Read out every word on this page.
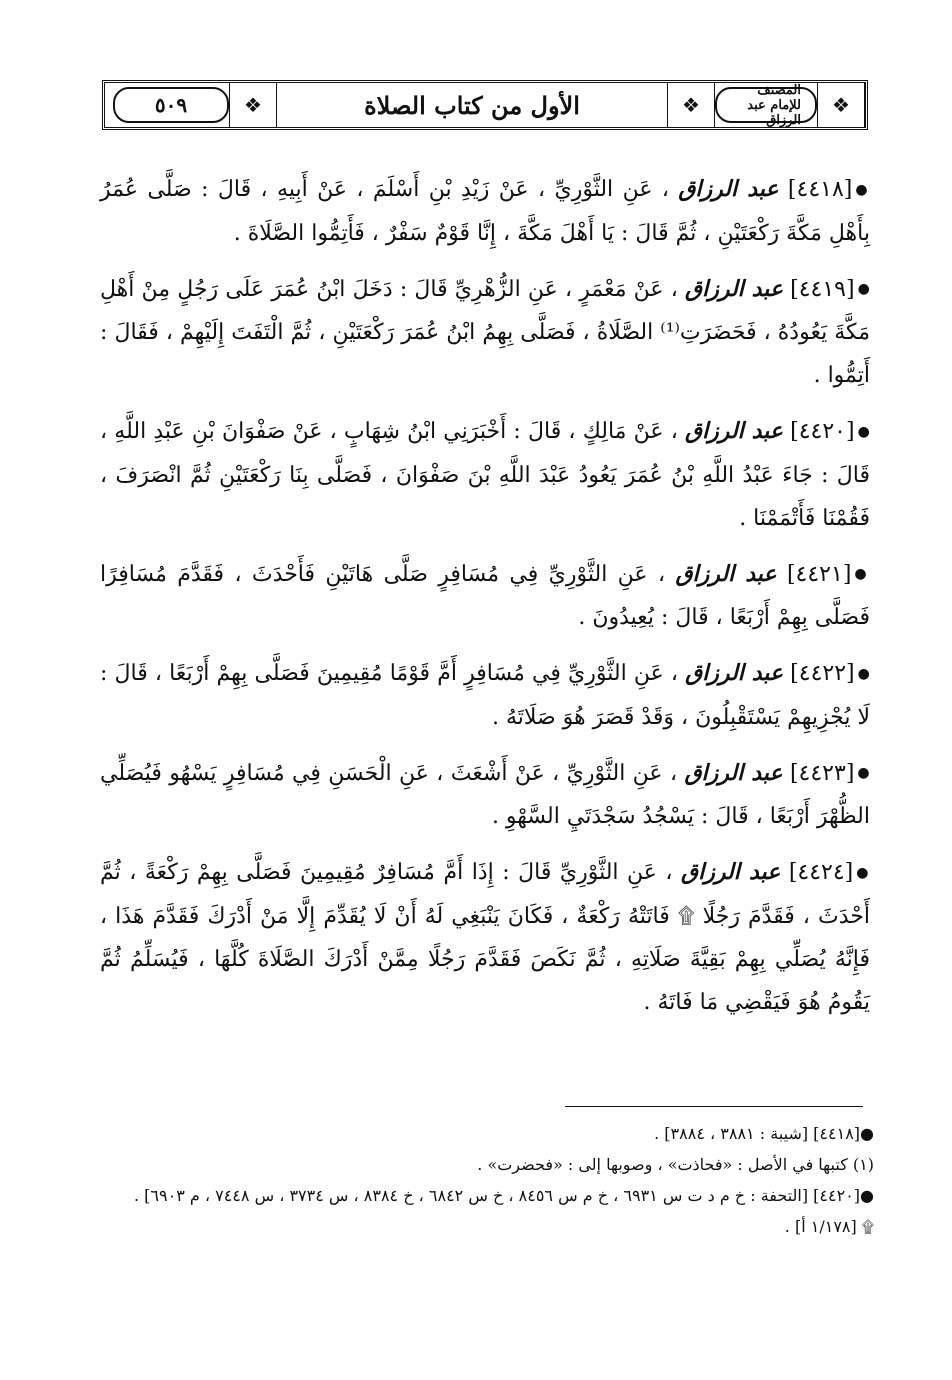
❖
المصنف للإمام عبد الرزاق
❖
الأول من كتاب الصلاة
❖
٥٠٩

●[٤٤١٨] عبد الرزاق ، عَنِ الثَّوْرِيِّ ، عَنْ زَيْدِ بْنِ أَسْلَمَ ، عَنْ أَبِيهِ ، قَالَ : صَلَّى عُمَرُ بِأَهْلِ مَكَّةَ رَكْعَتَيْنِ ، ثُمَّ قَالَ : يَا أَهْلَ مَكَّةَ ، إِنَّا قَوْمٌ سَفْرٌ ، فَأَتِمُّوا الصَّلَاةَ .

●[٤٤١٩] عبد الرزاق ، عَنْ مَعْمَرٍ ، عَنِ الزُّهْرِيِّ قَالَ : دَخَلَ ابْنُ عُمَرَ عَلَى رَجُلٍ مِنْ أَهْلِ مَكَّةَ يَعُودُهُ ، فَحَضَرَتِ⁽¹⁾ الصَّلَاةُ ، فَصَلَّى بِهِمُ ابْنُ عُمَرَ رَكْعَتَيْنِ ، ثُمَّ الْتَفَتَ إِلَيْهِمْ ، فَقَالَ : أَتِمُّوا .

●[٤٤٢٠] عبد الرزاق ، عَنْ مَالِكٍ ، قَالَ : أَخْبَرَنِي ابْنُ شِهَابٍ ، عَنْ صَفْوَانَ بْنِ عَبْدِ اللَّهِ ، قَالَ : جَاءَ عَبْدُ اللَّهِ بْنُ عُمَرَ يَعُودُ عَبْدَ اللَّهِ بْنَ صَفْوَانَ ، فَصَلَّى بِنَا رَكْعَتَيْنِ ثُمَّ انْصَرَفَ ، فَقُمْنَا فَأَتْمَمْنَا .

●[٤٤٢١] عبد الرزاق ، عَنِ الثَّوْرِيِّ فِي مُسَافِرٍ صَلَّى هَاتَيْنِ فَأَحْدَثَ ، فَقَدَّمَ مُسَافِرًا فَصَلَّى بِهِمْ أَرْبَعًا ، قَالَ : يُعِيدُونَ .

●[٤٤٢٢] عبد الرزاق ، عَنِ الثَّوْرِيِّ فِي مُسَافِرٍ أَمَّ قَوْمًا مُقِيمِينَ فَصَلَّى بِهِمْ أَرْبَعًا ، قَالَ : لَا يُجْزِيهِمْ يَسْتَقْبِلُونَ ، وَقَدْ قَصَرَ هُوَ صَلَاتَهُ .

●[٤٤٢٣] عبد الرزاق ، عَنِ الثَّوْرِيِّ ، عَنْ أَشْعَثَ ، عَنِ الْحَسَنِ فِي مُسَافِرٍ يَسْهُو فَيُصَلِّي الظُّهْرَ أَرْبَعًا ، قَالَ : يَسْجُدُ سَجْدَتَيِ السَّهْوِ .

●[٤٤٢٤] عبد الرزاق ، عَنِ الثَّوْرِيِّ قَالَ : إِذَا أَمَّ مُسَافِرٌ مُقِيمِينَ فَصَلَّى بِهِمْ رَكْعَةً ، ثُمَّ أَحْدَثَ ، فَقَدَّمَ رَجُلًا ۩ فَاتَتْهُ رَكْعَةٌ ، فَكَانَ يَنْبَغِي لَهُ أَنْ لَا يُقَدِّمَ إِلَّا مَنْ أَدْرَكَ فَقَدَّمَ هَذَا ، فَإِنَّهُ يُصَلِّي بِهِمْ بَقِيَّةَ صَلَاتِهِ ، ثُمَّ نَكَصَ فَقَدَّمَ رَجُلًا مِمَّنْ أَدْرَكَ الصَّلَاةَ كُلَّهَا ، فَيُسَلِّمُ ثُمَّ يَقُومُ هُوَ فَيَقْضِي مَا فَاتَهُ .

●[٤٤١٨] [شيبة : ٣٨٨١ ، ٣٨٨٤] .

(١) كتبها في الأصل : «فحاذت» ، وصوبها إلى : «فحضرت» .

●[٤٤٢٠] [التحفة : خ م د ت س ٦٩٣١ ، خ م س ٨٤٥٦ ، خ س ٦٨٤٢ ، خ ٨٣٨٤ ، س ٣٧٣٤ ، س ٧٤٤٨ ، م ٦٩٠٣] .

۩ [١/١٧٨ أ] .
